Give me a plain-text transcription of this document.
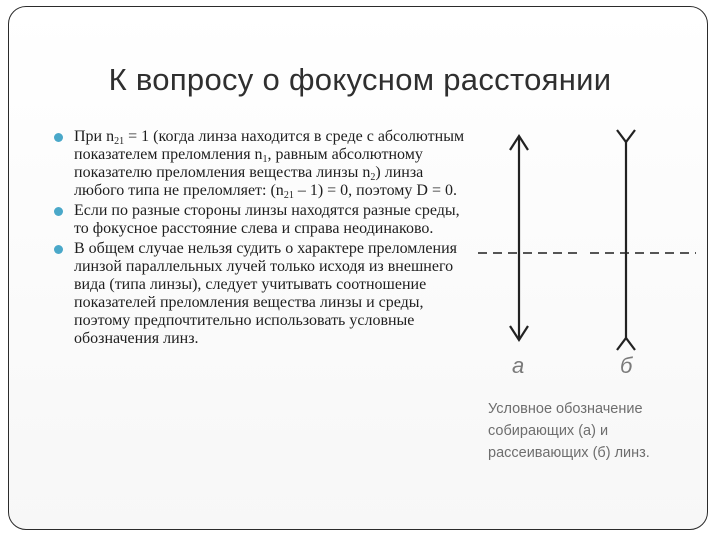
К вопросу о фокусном расстоянии
При $n_{21} = 1$ (когда линза находится в среде с абсолютным показателем преломления $n_1$, равным абсолютному показателю преломления вещества линзы $n_2$) линза любого типа не преломляет: $(n_{21} - 1) = 0$, поэтому D = 0.
Если по разные стороны линзы находятся разные среды, то фокусное расстояние слева и справа неодинаково.
В общем случае нельзя судить о характере преломления линзой параллельных лучей только исходя из внешнего вида (типа линзы), следует учитывать соотношение показателей преломления вещества линзы и среды, поэтому предпочтительно использовать условные обозначения линз.
а	б
Условное обозначение
собирающих (а) и
рассеивающих (б) линз.
